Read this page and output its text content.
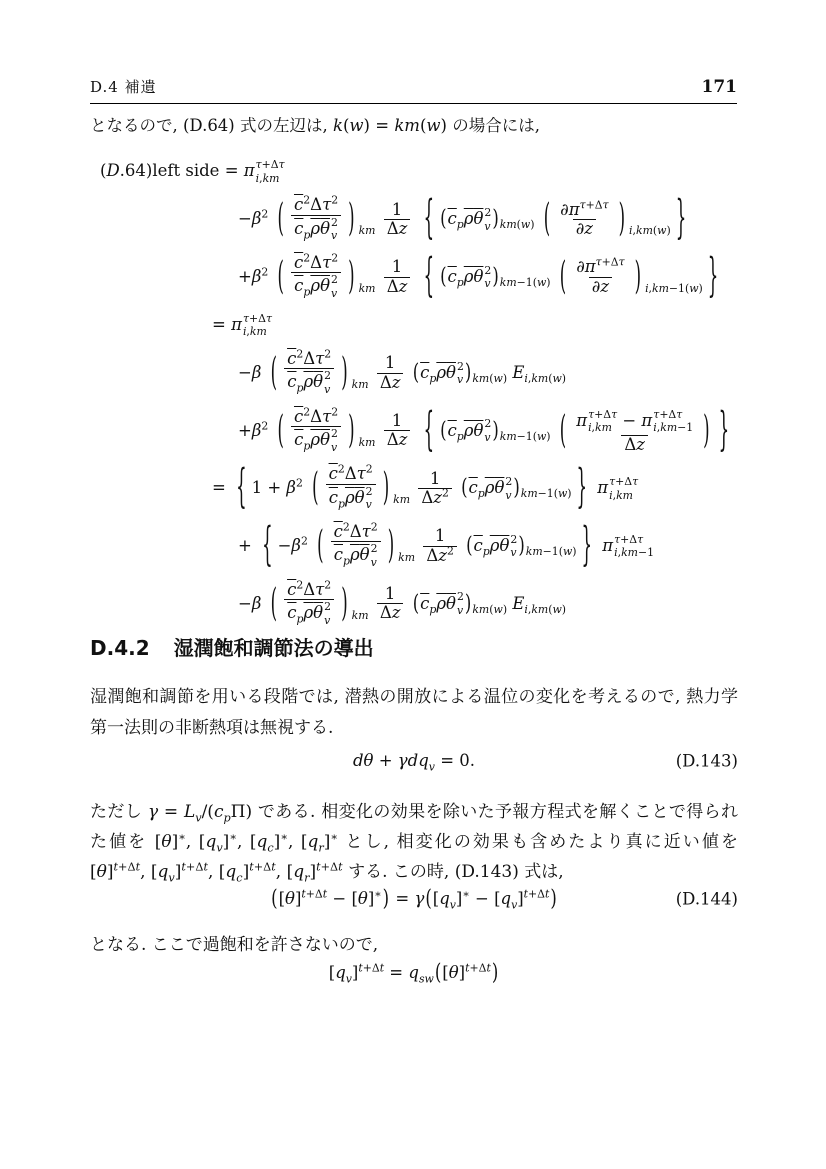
D.4 補遺	171
となるので, (D.64) 式の左辺は, k(w) = km(w) の場合には,
(D.64)left side = π τ+Δτ
i,km
$-\beta^2$ ( $\overline{c}^2\Delta\tau^2$
$\overline{c}_p\overline{\rho}\overline{\theta}$ 2
v ) $_{km} \frac{1}{\Delta z}$ { ($\overline{c}_p\overline{\rho}\overline{\theta}$ 2
v )$_{km(w)}$ ( $\frac{\partial\pi^{\tau+\Delta\tau}}{\partial z}$ ) $_{i,km(w)}$ }
$+\beta^2$ ( $\overline{c}^2\Delta\tau^2$
$\overline{c}_p\overline{\rho}\overline{\theta}$ 2
v ) $_{km} \frac{1}{\Delta z}$ { ($\overline{c}_p\overline{\rho}\overline{\theta}$ 2
v )$_{km-1(w)}$ ( $\frac{\partial\pi^{\tau+\Delta\tau}}{\partial z}$ ) $_{i,km-1(w)}$ }
= π τ+Δτ
i,km
−β ( $\overline{c}^2\Delta\tau^2$
$\overline{c}_p\overline{\rho}\overline{\theta}$ 2
v ) $_{km} \frac{1}{\Delta z} (\overline{c}_p\overline{\rho}\overline{\theta}$ 2
v )$_{km(w)}$ $E_{i,km(w)}$
$+\beta^2$ ( $\overline{c}^2\Delta\tau^2$
$\overline{c}_p\overline{\rho}\overline{\theta}$ 2
v ) $_{km} \frac{1}{\Delta z}$ { ($\overline{c}_p\overline{\rho}\overline{\theta}$ 2
v )$_{km-1(w)}$ ( π τ+Δτ
i,km − π τ+Δτ
i,km−1
Δz	) }
= { $1 + \beta^2$ ( $\overline{c}^2\Delta\tau^2$
$\overline{c}_p\overline{\rho}\overline{\theta}$ 2
v ) $_{km} \frac{1}{\Delta z^2} (\overline{c}_p\overline{\rho}\overline{\theta}$ 2
v )$_{km-1(w)}$ } π τ+Δτ
i,km
+ { $-\beta^2$ ( $\overline{c}^2\Delta\tau^2$
$\overline{c}_p\overline{\rho}\overline{\theta}$ 2
v ) $_{km} \frac{1}{\Delta z^2} (\overline{c}_p\overline{\rho}\overline{\theta}$ 2
v )$_{km-1(w)}$ } π τ+Δτ
i,km−1
−β ( $\overline{c}^2\Delta\tau^2$
$\overline{c}_p\overline{\rho}\overline{\theta}$ 2
v ) $_{km} \frac{1}{\Delta z} (\overline{c}_p\overline{\rho}\overline{\theta}$ 2
v )$_{km(w)}$ $E_{i,km(w)}$
D.4.2 湿潤飽和調節法の導出
湿潤飽和調節を用いる段階では, 潜熱の開放による温位の変化を考えるので, 熱力学第一法則の非断熱項は無視する.
dθ + γdq$_v$ = 0.	(D.143)
ただし $\gamma = L_v/(c_p\Pi)$ である. 相変化の効果を除いた予報方程式を解くことで得られた値を [θ]∗, $[q_v]^∗$, $[q_c]^∗$, $[q_r]^∗$ とし, 相変化の効果も含めたより真に近い値を $[\theta]^{t+\Delta t}$, $[q_v]^{t+\Delta t}$, $[q_c]^{t+\Delta t}$, $[q_r]^{t+\Delta t}$ する. この時, (D.143) 式は,
$([\theta]^{t+\Delta t} - [\theta]^∗) = \gamma([q_v]^∗ - [q_v]^{t+\Delta t})$	(D.144)
となる. ここで過飽和を許さないので,
$[q_v]^{t+\Delta t} = q_{sw}([\theta]^{t+\Delta t})$
